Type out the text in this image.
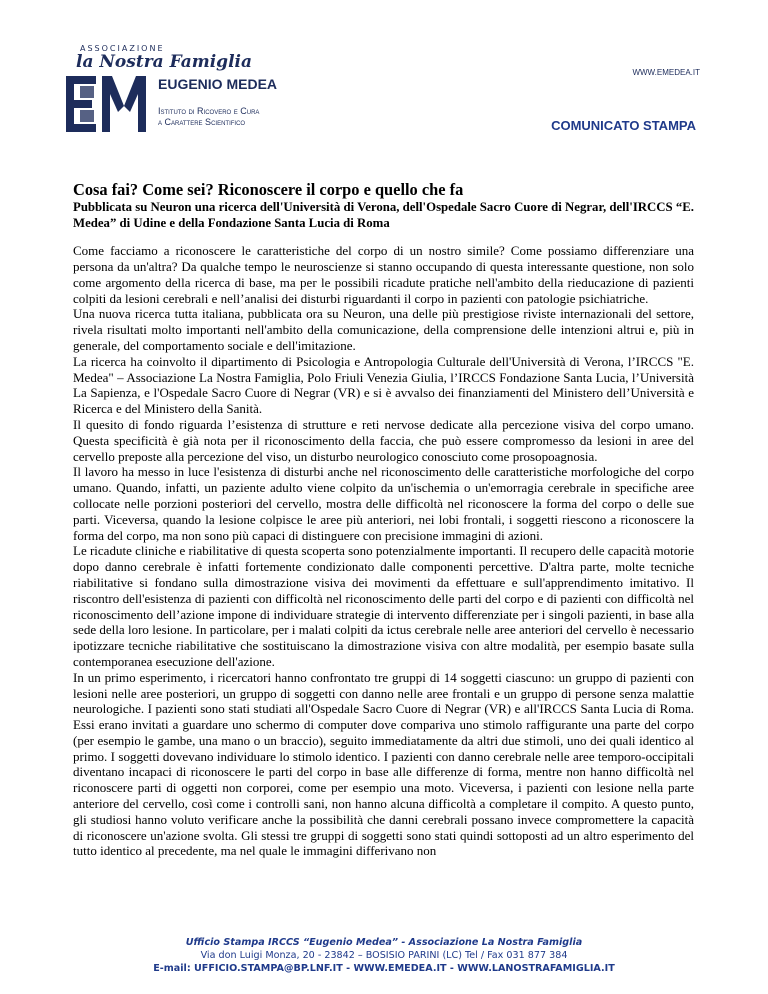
ASSOCIAZIONE
la Nostra Famiglia
EUGENIO MEDEA
Istituto di Ricovero e Cura
a Carattere Scientifico
WWW.EMEDEA.IT
COMUNICATO STAMPA
Cosa fai? Come sei? Riconoscere il corpo e quello che fa

Pubblicata su Neuron una ricerca dell'Università di Verona, dell'Ospedale Sacro Cuore di Negrar, dell'IRCCS “E. Medea” di Udine e della Fondazione Santa Lucia di Roma

Come facciamo a riconoscere le caratteristiche del corpo di un nostro simile? Come possiamo differenziare una persona da un'altra? Da qualche tempo le neuroscienze si stanno occupando di questa interessante questione, non solo come argomento della ricerca di base, ma per le possibili ricadute pratiche nell'ambito della rieducazione di pazienti colpiti da lesioni cerebrali e nell’analisi dei disturbi riguardanti il corpo in pazienti con patologie psichiatriche.

Una nuova ricerca tutta italiana, pubblicata ora su Neuron, una delle più prestigiose riviste internazionali del settore, rivela risultati molto importanti nell'ambito della comunicazione, della comprensione delle intenzioni altrui e, più in generale, del comportamento sociale e dell'imitazione.

La ricerca ha coinvolto il dipartimento di Psicologia e Antropologia Culturale dell'Università di Verona, l’IRCCS "E. Medea" – Associazione La Nostra Famiglia, Polo Friuli Venezia Giulia, l’IRCCS Fondazione Santa Lucia, l’Università La Sapienza, e l'Ospedale Sacro Cuore di Negrar (VR) e si è avvalso dei finanziamenti del Ministero dell’Università e Ricerca e del Ministero della Sanità.

Il quesito di fondo riguarda l’esistenza di strutture e reti nervose dedicate alla percezione visiva del corpo umano. Questa specificità è già nota per il riconoscimento della faccia, che può essere compromesso da lesioni in aree del cervello preposte alla percezione del viso, un disturbo neurologico conosciuto come prosopoagnosia.

Il lavoro ha messo in luce l'esistenza di disturbi anche nel riconoscimento delle caratteristiche morfologiche del corpo umano. Quando, infatti, un paziente adulto viene colpito da un'ischemia o un'emorragia cerebrale in specifiche aree collocate nelle porzioni posteriori del cervello, mostra delle difficoltà nel riconoscere la forma del corpo o delle sue parti. Viceversa, quando la lesione colpisce le aree più anteriori, nei lobi frontali, i soggetti riescono a riconoscere la forma del corpo, ma non sono più capaci di distinguere con precisione immagini di azioni.

Le ricadute cliniche e riabilitative di questa scoperta sono potenzialmente importanti. Il recupero delle capacità motorie dopo danno cerebrale è infatti fortemente condizionato dalle componenti percettive. D'altra parte, molte tecniche riabilitative si fondano sulla dimostrazione visiva dei movimenti da effettuare e sull'apprendimento imitativo. Il riscontro dell'esistenza di pazienti con difficoltà nel riconoscimento delle parti del corpo e di pazienti con difficoltà nel riconoscimento dell’azione impone di individuare strategie di intervento differenziate per i singoli pazienti, in base alla sede della loro lesione. In particolare, per i malati colpiti da ictus cerebrale nelle aree anteriori del cervello è necessario ipotizzare tecniche riabilitative che sostituiscano la dimostrazione visiva con altre modalità, per esempio basate sulla contemporanea esecuzione dell'azione.

In un primo esperimento, i ricercatori hanno confrontato tre gruppi di 14 soggetti ciascuno: un gruppo di pazienti con lesioni nelle aree posteriori, un gruppo di soggetti con danno nelle aree frontali e un gruppo di persone senza malattie neurologiche. I pazienti sono stati studiati all'Ospedale Sacro Cuore di Negrar (VR) e all'IRCCS Santa Lucia di Roma. Essi erano invitati a guardare uno schermo di computer dove compariva uno stimolo raffigurante una parte del corpo (per esempio le gambe, una mano o un braccio), seguito immediatamente da altri due stimoli, uno dei quali identico al primo. I soggetti dovevano individuare lo stimolo identico. I pazienti con danno cerebrale nelle aree temporo-occipitali diventano incapaci di riconoscere le parti del corpo in base alle differenze di forma, mentre non hanno difficoltà nel riconoscere parti di oggetti non corporei, come per esempio una moto. Viceversa, i pazienti con lesione nella parte anteriore del cervello, così come i controlli sani, non hanno alcuna difficoltà a completare il compito. A questo punto, gli studiosi hanno voluto verificare anche la possibilità che danni cerebrali possano invece compromettere la capacità di riconoscere un'azione svolta. Gli stessi tre gruppi di soggetti sono stati quindi sottoposti ad un altro esperimento del tutto identico al precedente, ma nel quale le immagini differivano non

Ufficio Stampa IRCCS “Eugenio Medea” - Associazione La Nostra Famiglia
Via don Luigi Monza, 20 - 23842 – BOSISIO PARINI (LC) Tel / Fax 031 877 384
E-mail: UFFICIO.STAMPA@BP.LNF.IT - WWW.EMEDEA.IT - WWW.LANOSTRAFAMIGLIA.IT
